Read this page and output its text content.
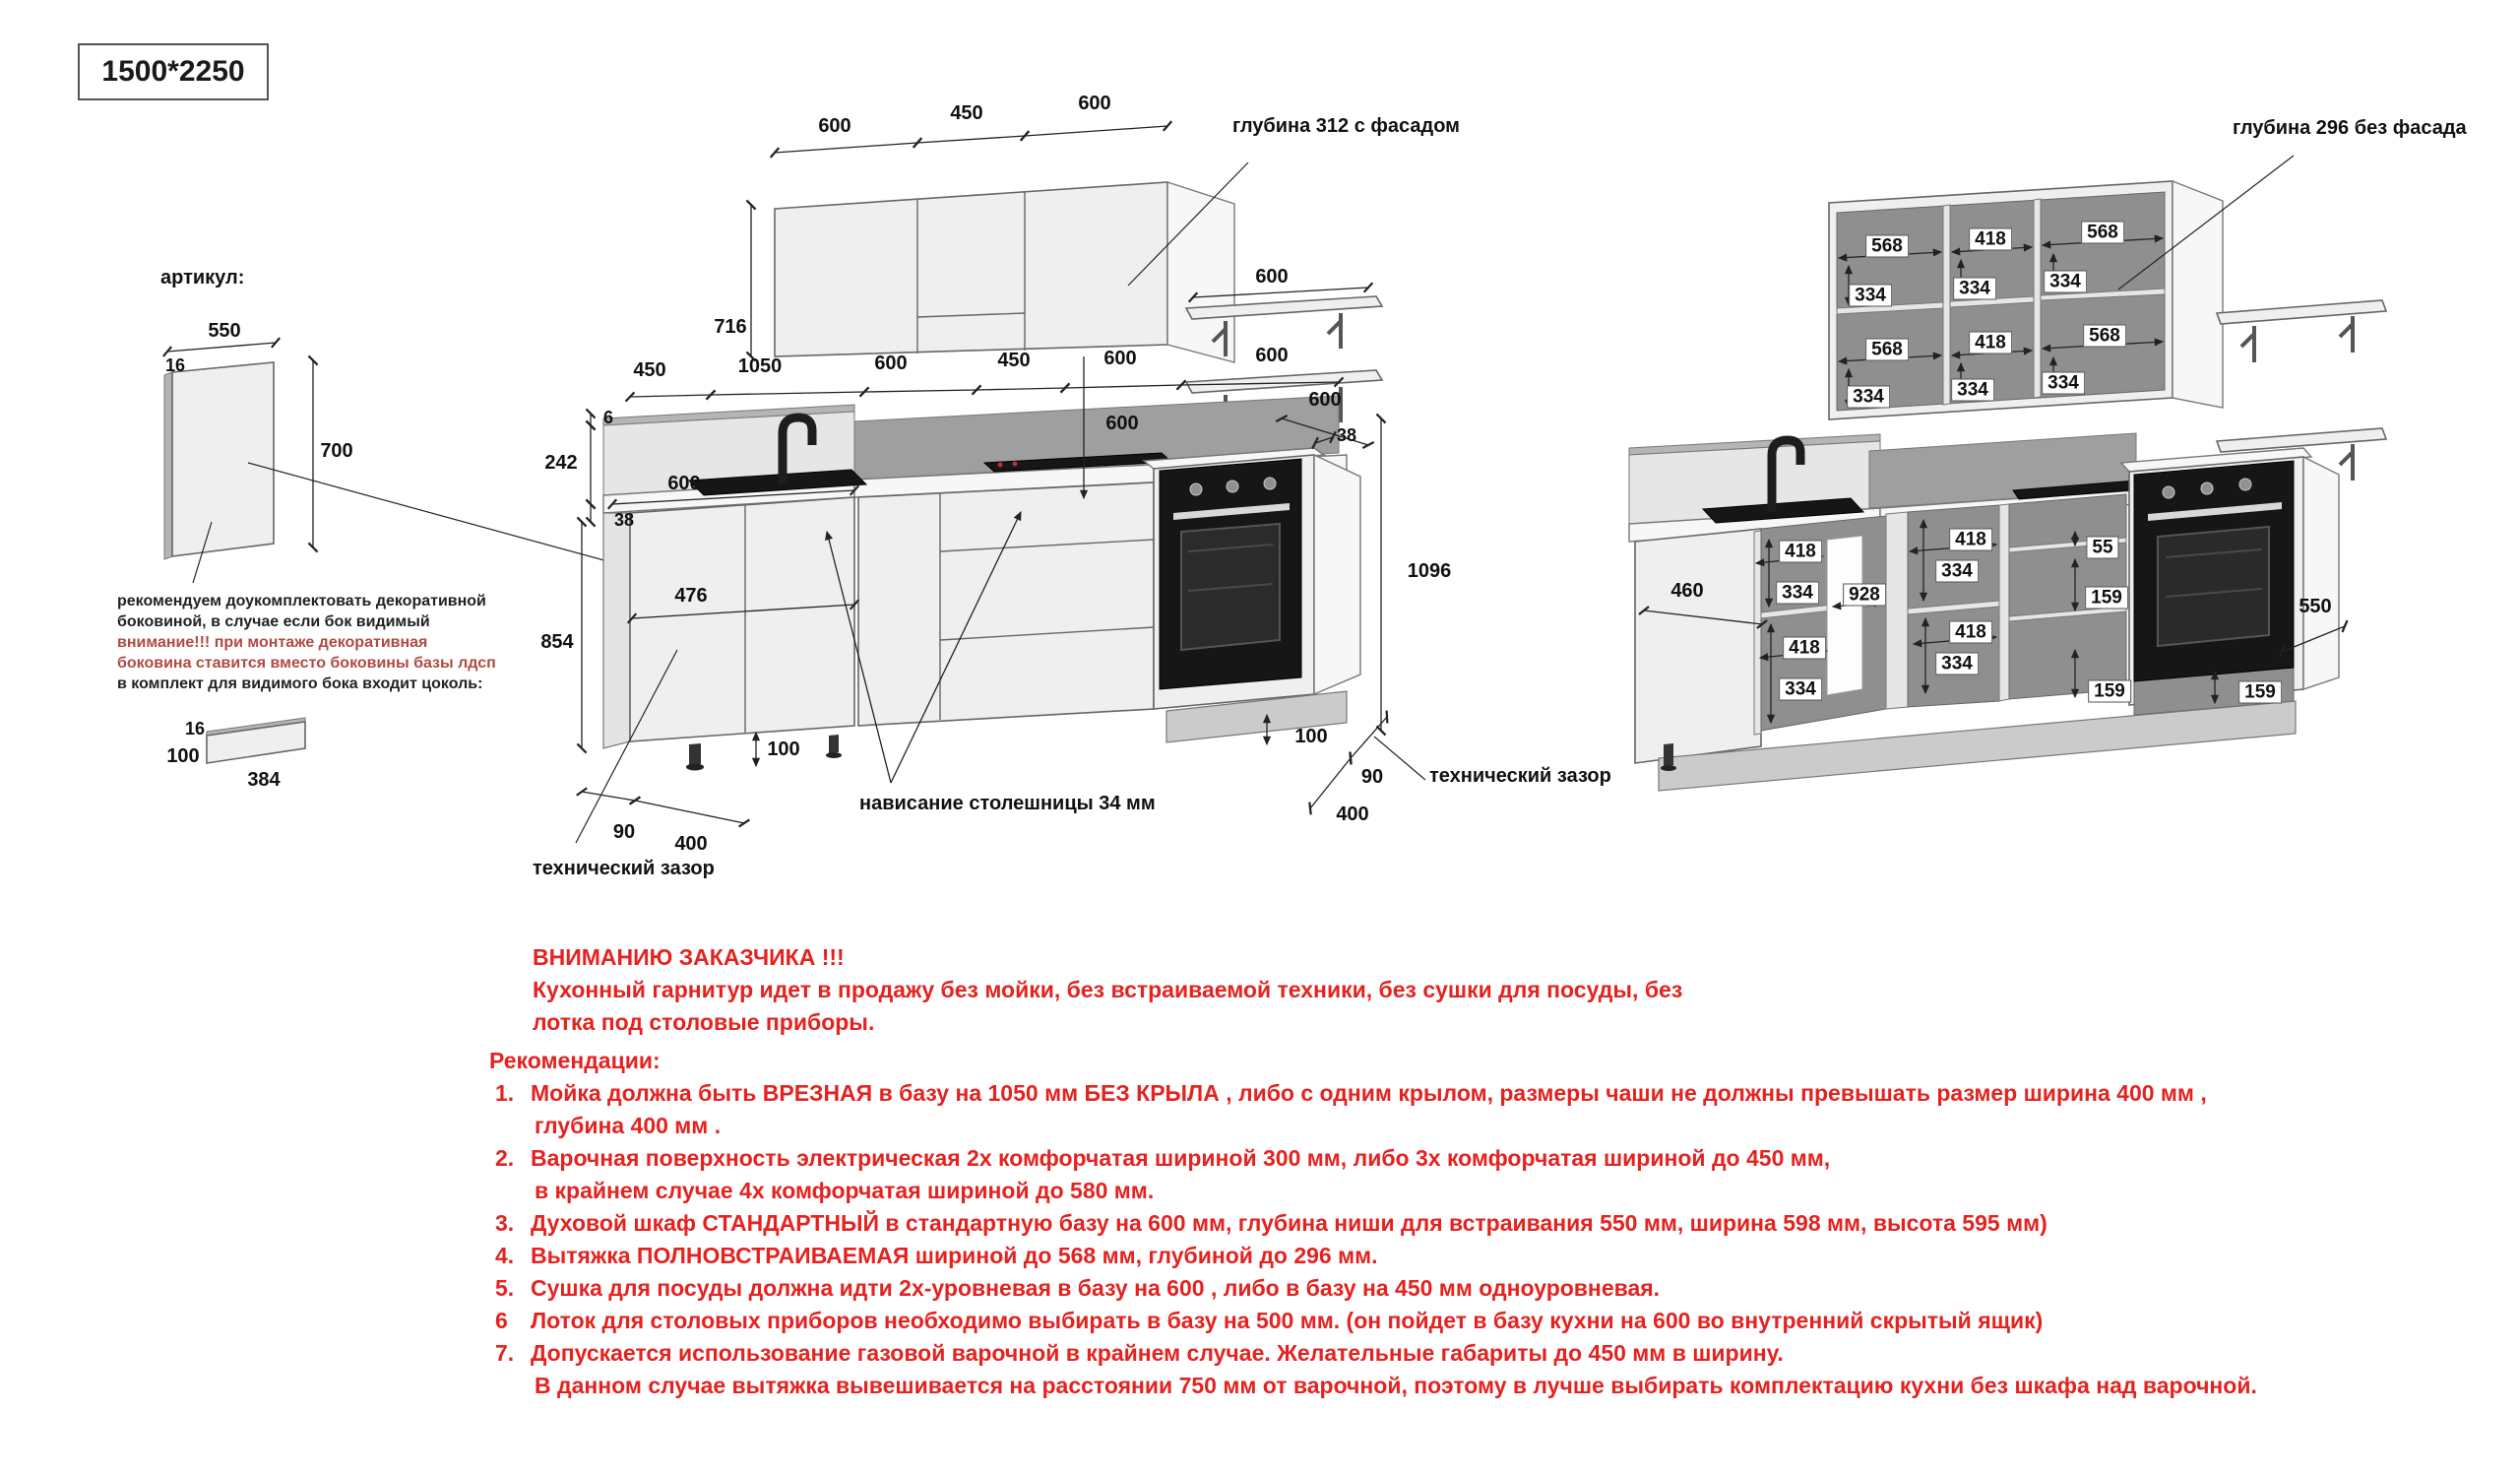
1500*2250
артикул:
550
16
700
рекомендуем доукомплектовать декоративной
боковиной, в случае если бок видимый
внимание!!! при монтаже декоративная
боковина ставится вместо боковины базы лдсп
в комплект для видимого бока входит цоколь:
16
100
384
600
450	600
716
глубина 312 с фасадом
600
450	1050	600	450	600	600
600
6
242
38
600
854
476
100
100
90
400
технический зазор
нависание столешницы 34 мм
90
400
технический зазор
1096
600
38
глубина 296 без фасада
568	418	568
334	334	334
568	418	568
334	334	334
460
418
334	928
418
334
418
334
418
334
55
159
159	159
550
ВНИМАНИЮ ЗАКАЗЧИКА !!!
Кухонный гарнитур идет в продажу без мойки, без встраиваемой техники, без сушки для посуды, без
лотка под столовые приборы.
Рекомендации:
1. Мойка должна быть ВРЕЗНАЯ в базу на 1050 мм БЕЗ КРЫЛА , либо с одним крылом, размеры чаши не должны превышать размер ширина 400 мм ,
глубина 400 мм .
2. Варочная поверхность электрическая 2х комфорчатая шириной 300 мм, либо 3х комфорчатая шириной до 450 мм,
в крайнем случае 4х комфорчатая шириной до 580 мм.
3. Духовой шкаф СТАНДАРТНЫЙ в стандартную базу на 600 мм, глубина ниши для встраивания 550 мм, ширина 598 мм, высота 595 мм)
4. Вытяжка ПОЛНОВСТРАИВАЕМАЯ шириной до 568 мм, глубиной до 296 мм.
5. Сушка для посуды должна идти 2х-уровневая в базу на 600 , либо в базу на 450 мм одноуровневая.
6	Лоток для столовых приборов необходимо выбирать в базу на 500 мм. (он пойдет в базу кухни на 600 во внутренний скрытый ящик)
7. Допускается использование газовой варочной в крайнем случае. Желательные габариты до 450 мм в ширину.
В данном случае вытяжка вывешивается на расстоянии 750 мм от варочной, поэтому в лучше выбирать комплектацию кухни без шкафа над варочной.
